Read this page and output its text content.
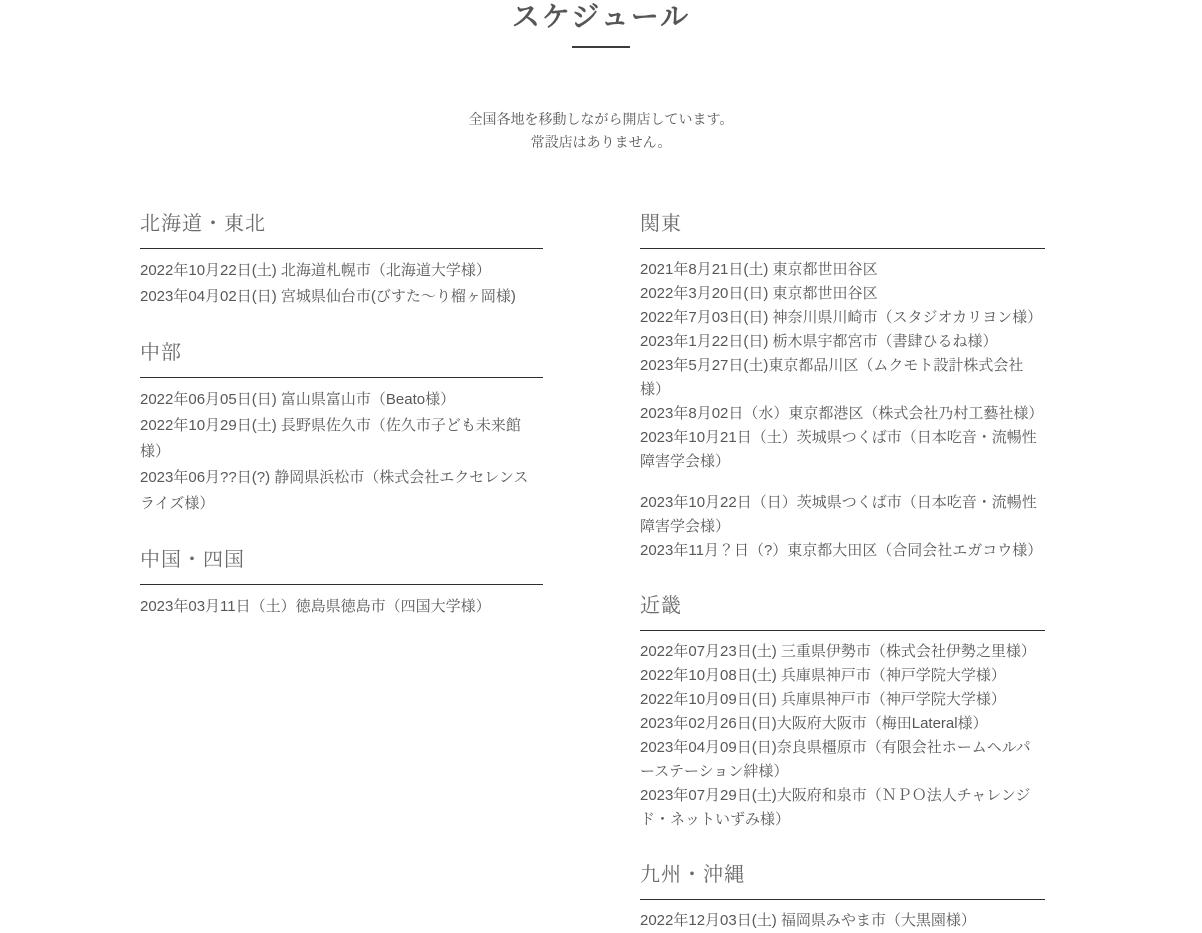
スケジュール

全国各地を移動しながら開店しています。

常設店はありません。

北海道・東北

2022年10月22日(土) 北海道札幌市（北海道大学様）

2023年04月02日(日) 宮城県仙台市(びすた～り榴ヶ岡様)

中部

2022年06月05日(日) 富山県富山市（Beato様）

2022年10月29日(土) 長野県佐久市（佐久市子ども未来館様）

2023年06月??日(?) 静岡県浜松市（株式会社エクセレンスライズ様）

中国・四国

2023年03月11日（土）徳島県徳島市（四国大学様）

関東

2021年8月21日(土) 東京都世田谷区

2022年3月20日(日) 東京都世田谷区

2022年7月03日(日) 神奈川県川崎市（スタジオカリヨン様）

2023年1月22日(日) 栃木県宇都宮市（書肆ひるね様）

2023年5月27日(土)東京都品川区（ムクモト設計株式会社様）

2023年8月02日（水）東京都港区（株式会社乃村工藝社様）

2023年10月21日（土）茨城県つくば市（日本吃音・流暢性障害学会様）

2023年10月22日（日）茨城県つくば市（日本吃音・流暢性障害学会様）

2023年11月？日（?）東京都大田区（合同会社エガコウ様）

近畿

2022年07月23日(土) 三重県伊勢市（株式会社伊勢之里様）

2022年10月08日(土) 兵庫県神戸市（神戸学院大学様）

2022年10月09日(日) 兵庫県神戸市（神戸学院大学様）

2023年02月26日(日)大阪府大阪市（梅田Lateral様）

2023年04月09日(日)奈良県橿原市（有限会社ホームヘルパーステーション絆様）

2023年07月29日(土)大阪府和泉市（ＮＰＯ法人チャレンジド・ネットいずみ様）

九州・沖縄

2022年12月03日(土) 福岡県みやま市（大黒園様）
